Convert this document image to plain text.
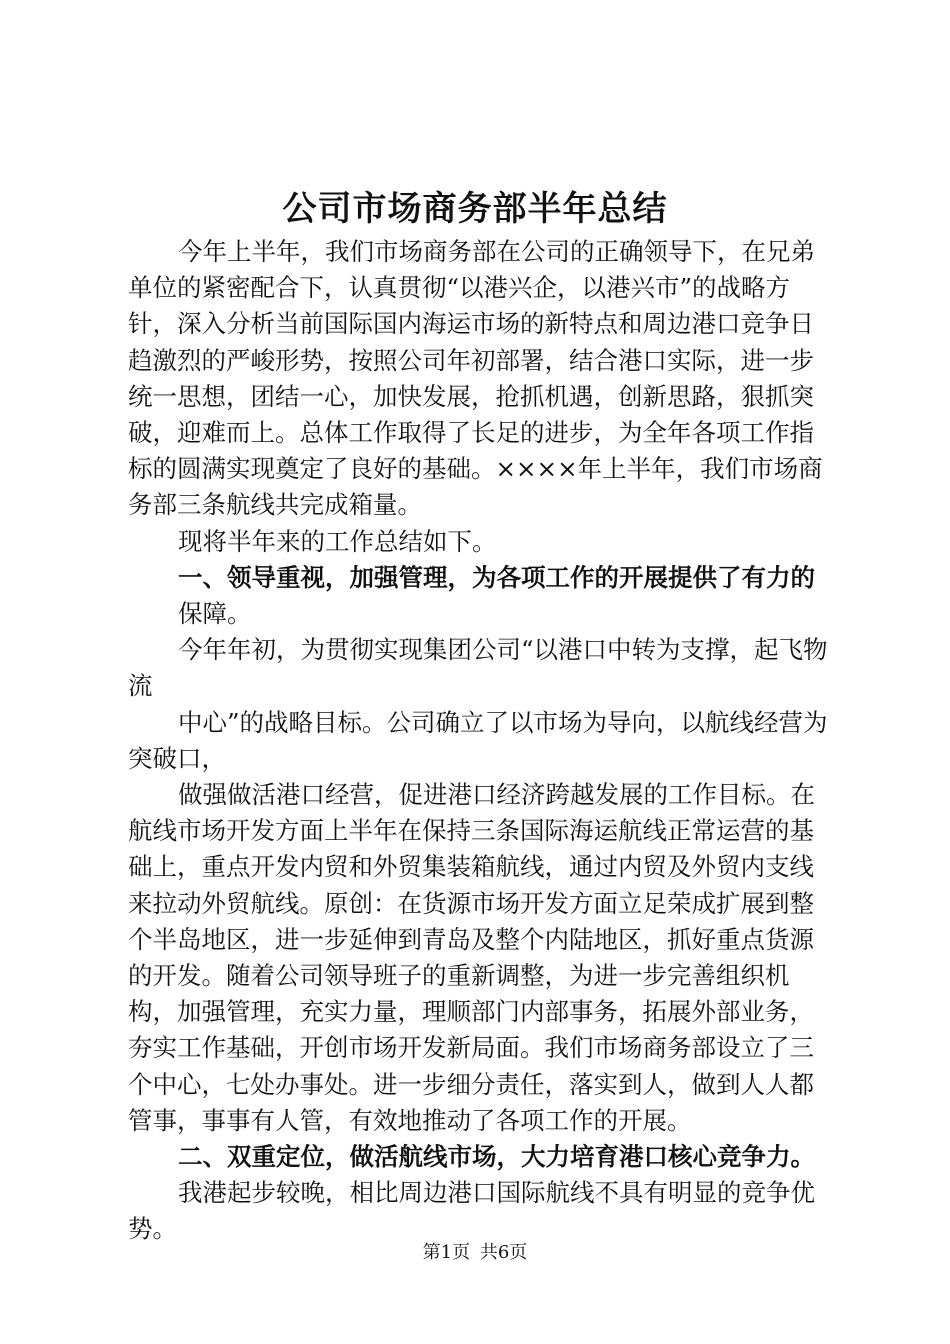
公司市场商务部半年总结

今年上半年，我们市场商务部在公司的正确领导下，在兄弟单位的紧密配合下，认真贯彻“以港兴企，以港兴市”的战略方针，深入分析当前国际国内海运市场的新特点和周边港口竞争日趋激烈的严峻形势，按照公司年初部署，结合港口实际，进一步统一思想，团结一心，加快发展，抢抓机遇，创新思路，狠抓突破，迎难而上。总体工作取得了长足的进步，为全年各项工作指标的圆满实现奠定了良好的基础。××××年上半年，我们市场商务部三条航线共完成箱量。

现将半年来的工作总结如下。

一、领导重视，加强管理，为各项工作的开展提供了有力的

保障。

今年年初，为贯彻实现集团公司“以港口中转为支撑，起飞物流

中心”的战略目标。公司确立了以市场为导向，以航线经营为突破口，

做强做活港口经营，促进港口经济跨越发展的工作目标。在航线市场开发方面上半年在保持三条国际海运航线正常运营的基础上，重点开发内贸和外贸集装箱航线，通过内贸及外贸内支线来拉动外贸航线。原创：在货源市场开发方面立足荣成扩展到整个半岛地区，进一步延伸到青岛及整个内陆地区，抓好重点货源的开发。随着公司领导班子的重新调整，为进一步完善组织机构，加强管理，充实力量，理顺部门内部事务，拓展外部业务，夯实工作基础，开创市场开发新局面。我们市场商务部设立了三个中心，七处办事处。进一步细分责任，落实到人，做到人人都管事，事事有人管，有效地推动了各项工作的开展。

二、双重定位，做活航线市场，大力培育港口核心竞争力。

我港起步较晚，相比周边港口国际航线不具有明显的竞争优势。

第1页 共6页
